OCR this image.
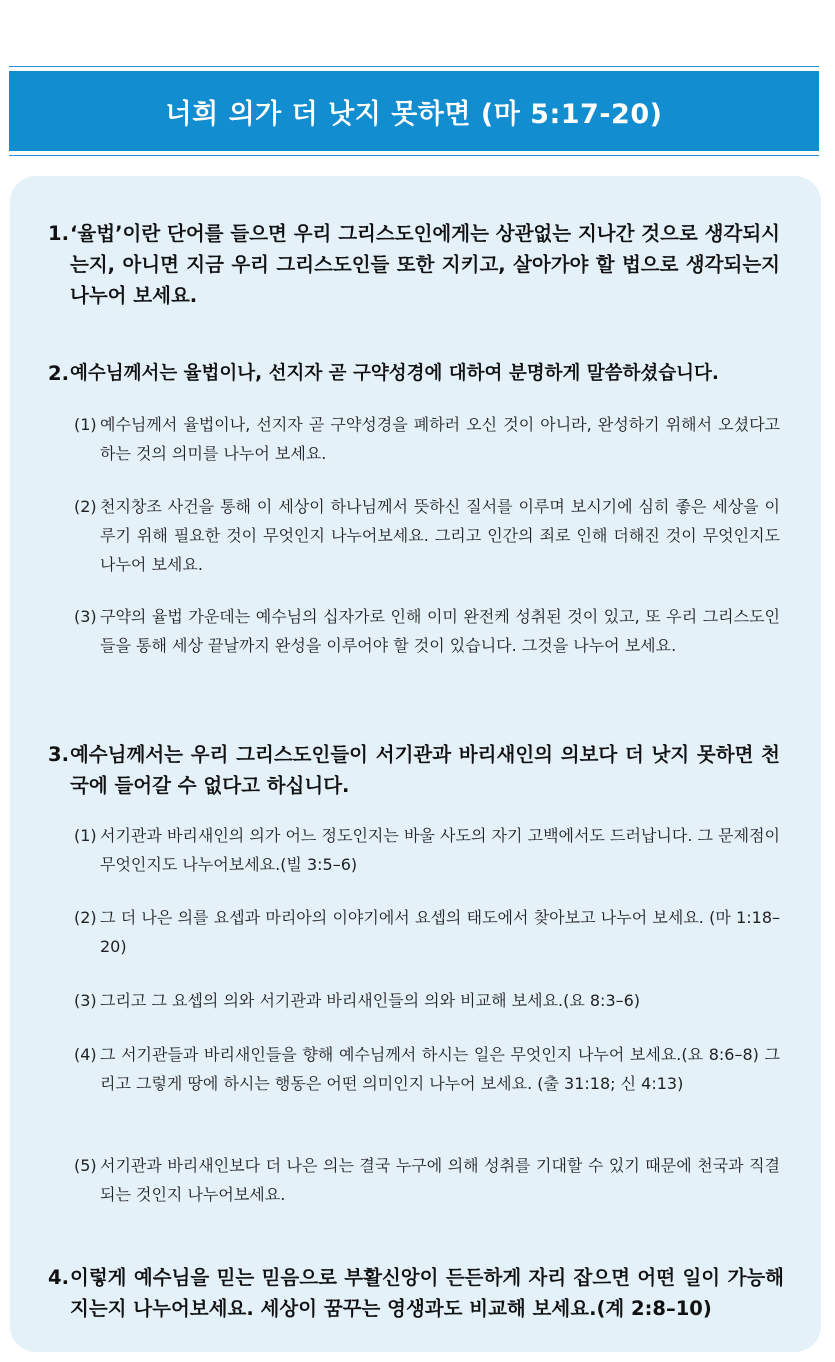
너희 의가 더 낫지 못하면 (마 5:17-20)
1. ‘율법’이란 단어를 들으면 우리 그리스도인에게는 상관없는 지나간 것으로 생각되시는지, 아니면 지금 우리 그리스도인들 또한 지키고, 살아가야 할 법으로 생각되는지 나누어 보세요.
2. 예수님께서는 율법이나, 선지자 곧 구약성경에 대하여 분명하게 말씀하셨습니다.
(1) 예수님께서 율법이나, 선지자 곧 구약성경을 폐하러 오신 것이 아니라, 완성하기 위해서 오셨다고 하는 것의 의미를 나누어 보세요.
(2) 천지창조 사건을 통해 이 세상이 하나님께서 뜻하신 질서를 이루며 보시기에 심히 좋은 세상을 이루기 위해 필요한 것이 무엇인지 나누어보세요. 그리고 인간의 죄로 인해 더해진 것이 무엇인지도 나누어 보세요.
(3) 구약의 율법 가운데는 예수님의 십자가로 인해 이미 완전케 성취된 것이 있고, 또 우리 그리스도인들을 통해 세상 끝날까지 완성을 이루어야 할 것이 있습니다. 그것을 나누어 보세요.
3. 예수님께서는 우리 그리스도인들이 서기관과 바리새인의 의보다 더 낫지 못하면 천국에 들어갈 수 없다고 하십니다.
(1) 서기관과 바리새인의 의가 어느 정도인지는 바울 사도의 자기 고백에서도 드러납니다. 그 문제점이 무엇인지도 나누어보세요.(빌 3:5–6)
(2) 그 더 나은 의를 요셉과 마리아의 이야기에서 요셉의 태도에서 찾아보고 나누어 보세요. (마 1:18–20)
(3) 그리고 그 요셉의 의와 서기관과 바리새인들의 의와 비교해 보세요.(요 8:3–6)
(4) 그 서기관들과 바리새인들을 향해 예수님께서 하시는 일은 무엇인지 나누어 보세요.(요 8:6–8) 그리고 그렇게 땅에 하시는 행동은 어떤 의미인지 나누어 보세요. (출 31:18; 신 4:13)
(5) 서기관과 바리새인보다 더 나은 의는 결국 누구에 의해 성취를 기대할 수 있기 때문에 천국과 직결되는 것인지 나누어보세요.
4. 이렇게 예수님을 믿는 믿음으로 부활신앙이 든든하게 자리 잡으면 어떤 일이 가능해지는지 나누어보세요. 세상이 꿈꾸는 영생과도 비교해 보세요.(계 2:8–10)
